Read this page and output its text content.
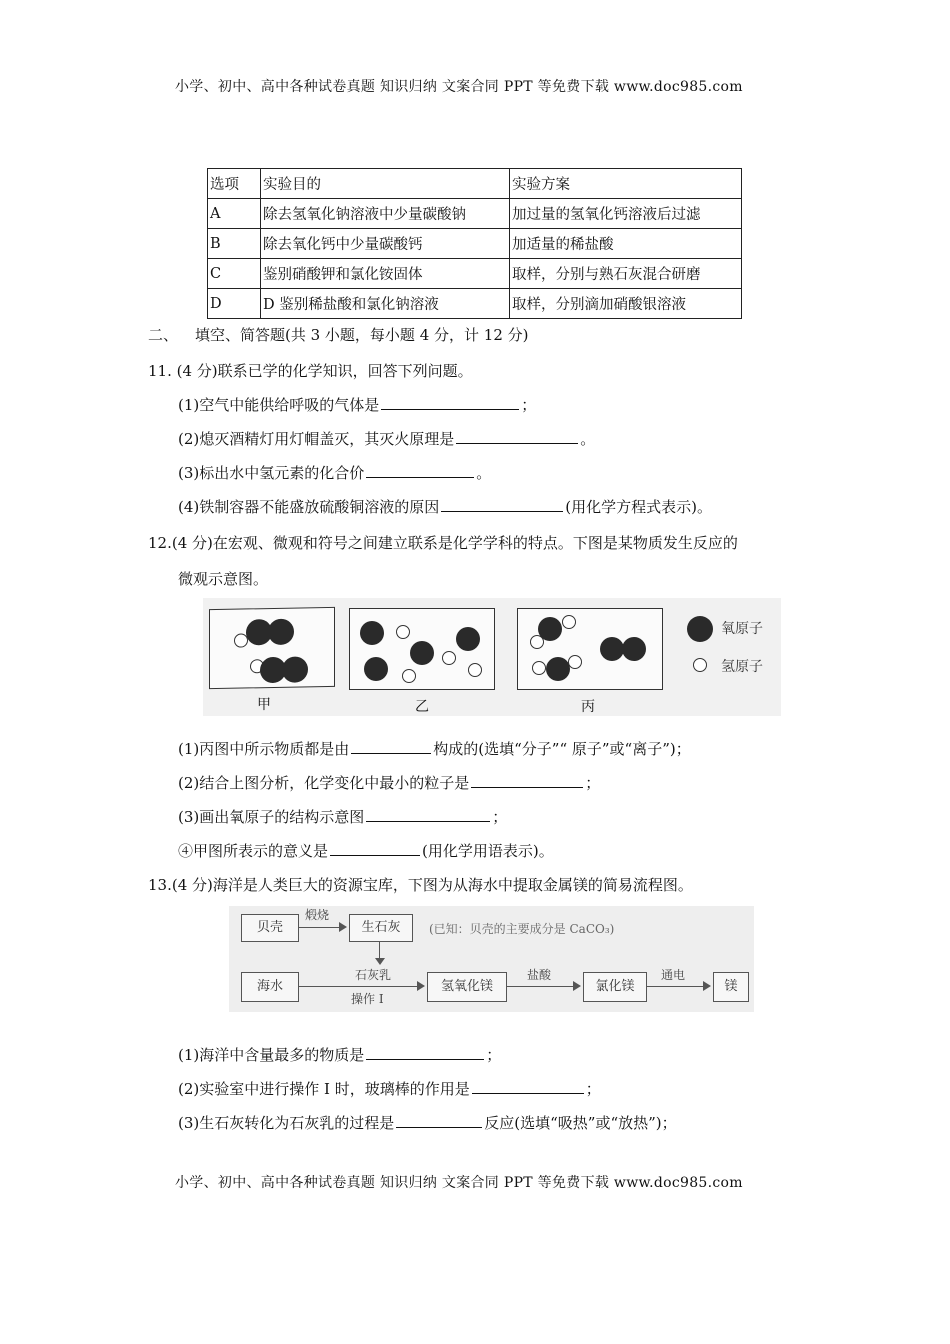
小学、初中、高中各种试卷真题 知识归纳 文案合同 PPT 等免费下载 www.doc985.com
选项	实验目的	实验方案
A	除去氢氧化钠溶液中少量碳酸钠	加过量的氢氧化钙溶液后过滤
B	除去氧化钙中少量碳酸钙	加适量的稀盐酸
C	鉴别硝酸钾和氯化铵固体	取样，分别与熟石灰混合研磨
D	D 鉴别稀盐酸和氯化钠溶液	取样，分别滴加硝酸银溶液
二、 填空、简答题(共 3 小题，每小题 4 分，计 12 分)
11. (4 分)联系已学的化学知识，回答下列问题。
(1)空气中能供给呼吸的气体是	；
(2)熄灭酒精灯用灯帽盖灭，其灭火原理是	。
(3)标出水中氢元素的化合价	。
(4)铁制容器不能盛放硫酸铜溶液的原因	(用化学方程式表示)。
12.(4 分)在宏观、微观和符号之间建立联系是化学学科的特点。下图是某物质发生反应的
微观示意图。
甲	乙	丙
氧原子
氢原子
(1)丙图中所示物质都是由	构成的(选填“分子”“ 原子”或“离子”)；
(2)结合上图分析，化学变化中最小的粒子是	；
(3)画出氧原子的结构示意图	；
④甲图所表示的意义是	(用化学用语表示)。
13.(4 分)海洋是人类巨大的资源宝库，下图为从海水中提取金属镁的简易流程图。
贝壳
煅烧
生石灰	(已知：贝壳的主要成分是 CaCO₃)
海水
石灰乳
操作 I
氢氧化镁
盐酸
氯化镁
通电
镁
(1)海洋中含量最多的物质是	；
(2)实验室中进行操作 I 时，玻璃棒的作用是	；
(3)生石灰转化为石灰乳的过程是	反应(选填“吸热”或“放热”)；
小学、初中、高中各种试卷真题 知识归纳 文案合同 PPT 等免费下载 www.doc985.com
